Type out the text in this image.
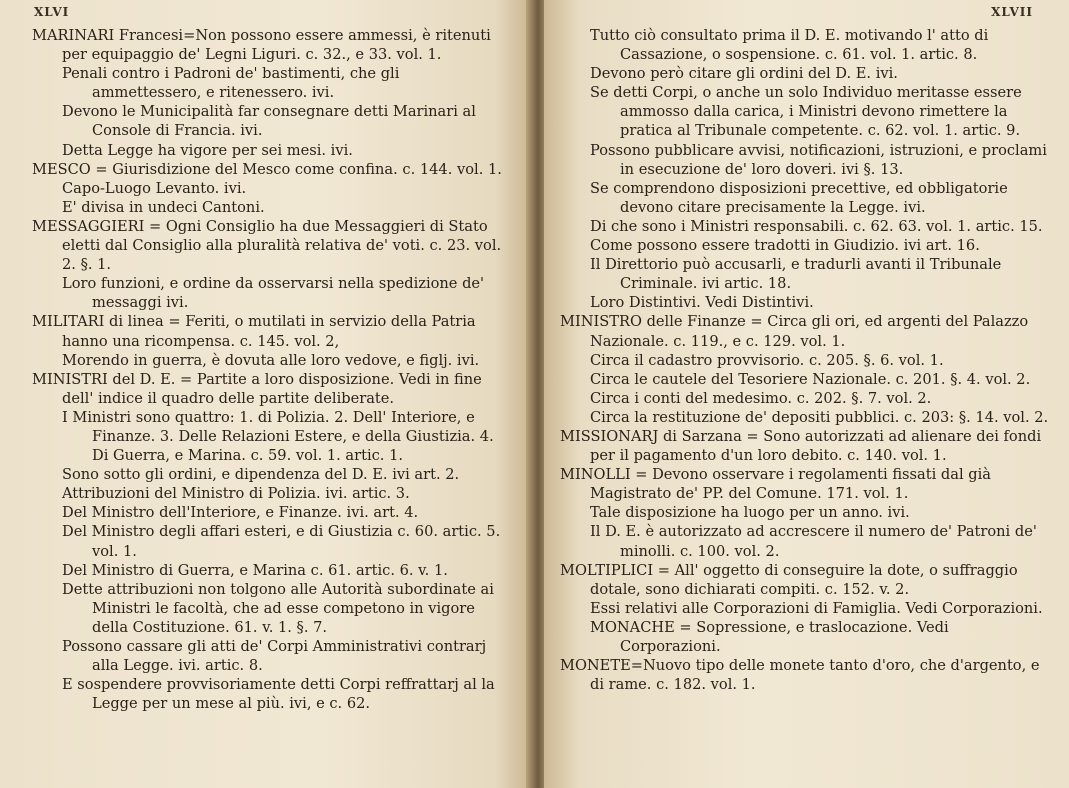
XLVI

MARINARI Francesi=Non possono essere ammessi, è ritenuti per equipaggio de' Legni Liguri. c. 32., e 33. vol. 1.

Penali contro i Padroni de' bastimenti, che gli ammettessero, e ritenessero. ivi.

Devono le Municipalità far consegnare detti Marinari al Console di Francia. ivi.

Detta Legge ha vigore per sei mesi. ivi.

MESCO = Giurisdizione del Mesco come confina. c. 144. vol. 1.

Capo-Luogo Levanto. ivi.

E' divisa in undeci Cantoni.

MESSAGGIERI = Ogni Consiglio ha due Messaggieri di Stato eletti dal Consiglio alla pluralità relativa de' voti. c. 23. vol. 2. §. 1.

Loro funzioni, e ordine da osservarsi nella spedizione de' messaggi ivi.

MILITARI di linea = Feriti, o mutilati in servizio della Patria hanno una ricompensa. c. 145. vol. 2,

Morendo in guerra, è dovuta alle loro vedove, e figlj. ivi.

MINISTRI del D. E. = Partite a loro disposizione. Vedi in fine dell' indice il quadro delle partite deliberate.

I Ministri sono quattro: 1. di Polizia. 2. Dell' Interiore, e Finanze. 3. Delle Relazioni Estere, e della Giustizia. 4. Di Guerra, e Marina. c. 59. vol. 1. artic. 1.

Sono sotto gli ordini, e dipendenza del D. E. ivi art. 2.

Attribuzioni del Ministro di Polizia. ivi. artic. 3.

Del Ministro dell'Interiore, e Finanze. ivi. art. 4.

Del Ministro degli affari esteri, e di Giustizia c. 60. artic. 5. vol. 1.

Del Ministro di Guerra, e Marina c. 61. artic. 6. v. 1.

Dette attribuzioni non tolgono alle Autorità subordinate ai Ministri le facoltà, che ad esse competono in vigore della Costituzione. 61. v. 1. §. 7.

Possono cassare gli atti de' Corpi Amministrativi contrarj alla Legge. ivi. artic. 8.

E sospendere provvisoriamente detti Corpi reffrattarj al la Legge per un mese al più. ivi, e c. 62.

XLVII

Tutto ciò consultato prima il D. E. motivando l' atto di Cassazione, o sospensione. c. 61. vol. 1. artic. 8.

Devono però citare gli ordini del D. E. ivi.

Se detti Corpi, o anche un solo Individuo meritasse essere ammosso dalla carica, i Ministri devono rimettere la pratica al Tribunale competente. c. 62. vol. 1. artic. 9.

Possono pubblicare avvisi, notificazioni, istruzioni, e proclami in esecuzione de' loro doveri. ivi §. 13.

Se comprendono disposizioni precettive, ed obbligatorie devono citare precisamente la Legge. ivi.

Di che sono i Ministri responsabili. c. 62. 63. vol. 1. artic. 15.

Come possono essere tradotti in Giudizio. ivi art. 16.

Il Direttorio può accusarli, e tradurli avanti il Tribunale Criminale. ivi artic. 18.

Loro Distintivi. Vedi Distintivi.

MINISTRO delle Finanze = Circa gli ori, ed argenti del Palazzo Nazionale. c. 119., e c. 129. vol. 1.

Circa il cadastro provvisorio. c. 205. §. 6. vol. 1.

Circa le cautele del Tesoriere Nazionale. c. 201. §. 4. vol. 2.

Circa i conti del medesimo. c. 202. §. 7. vol. 2.

Circa la restituzione de' depositi pubblici. c. 203: §. 14. vol. 2.

MISSIONARJ di Sarzana = Sono autorizzati ad alienare dei fondi per il pagamento d'un loro debito. c. 140. vol. 1.

MINOLLI = Devono osservare i regolamenti fissati dal già Magistrato de' PP. del Comune. 171. vol. 1.

Tale disposizione ha luogo per un anno. ivi.

Il D. E. è autorizzato ad accrescere il numero de' Patroni de' minolli. c. 100. vol. 2.

MOLTIPLICI = All' oggetto di conseguire la dote, o suffraggio dotale, sono dichiarati compiti. c. 152. v. 2.

Essi relativi alle Corporazioni di Famiglia. Vedi Corporazioni.

MONACHE = Sopressione, e traslocazione. Vedi Corporazioni.

MONETE=Nuovo tipo delle monete tanto d'oro, che d'argento, e di rame. c. 182. vol. 1.
